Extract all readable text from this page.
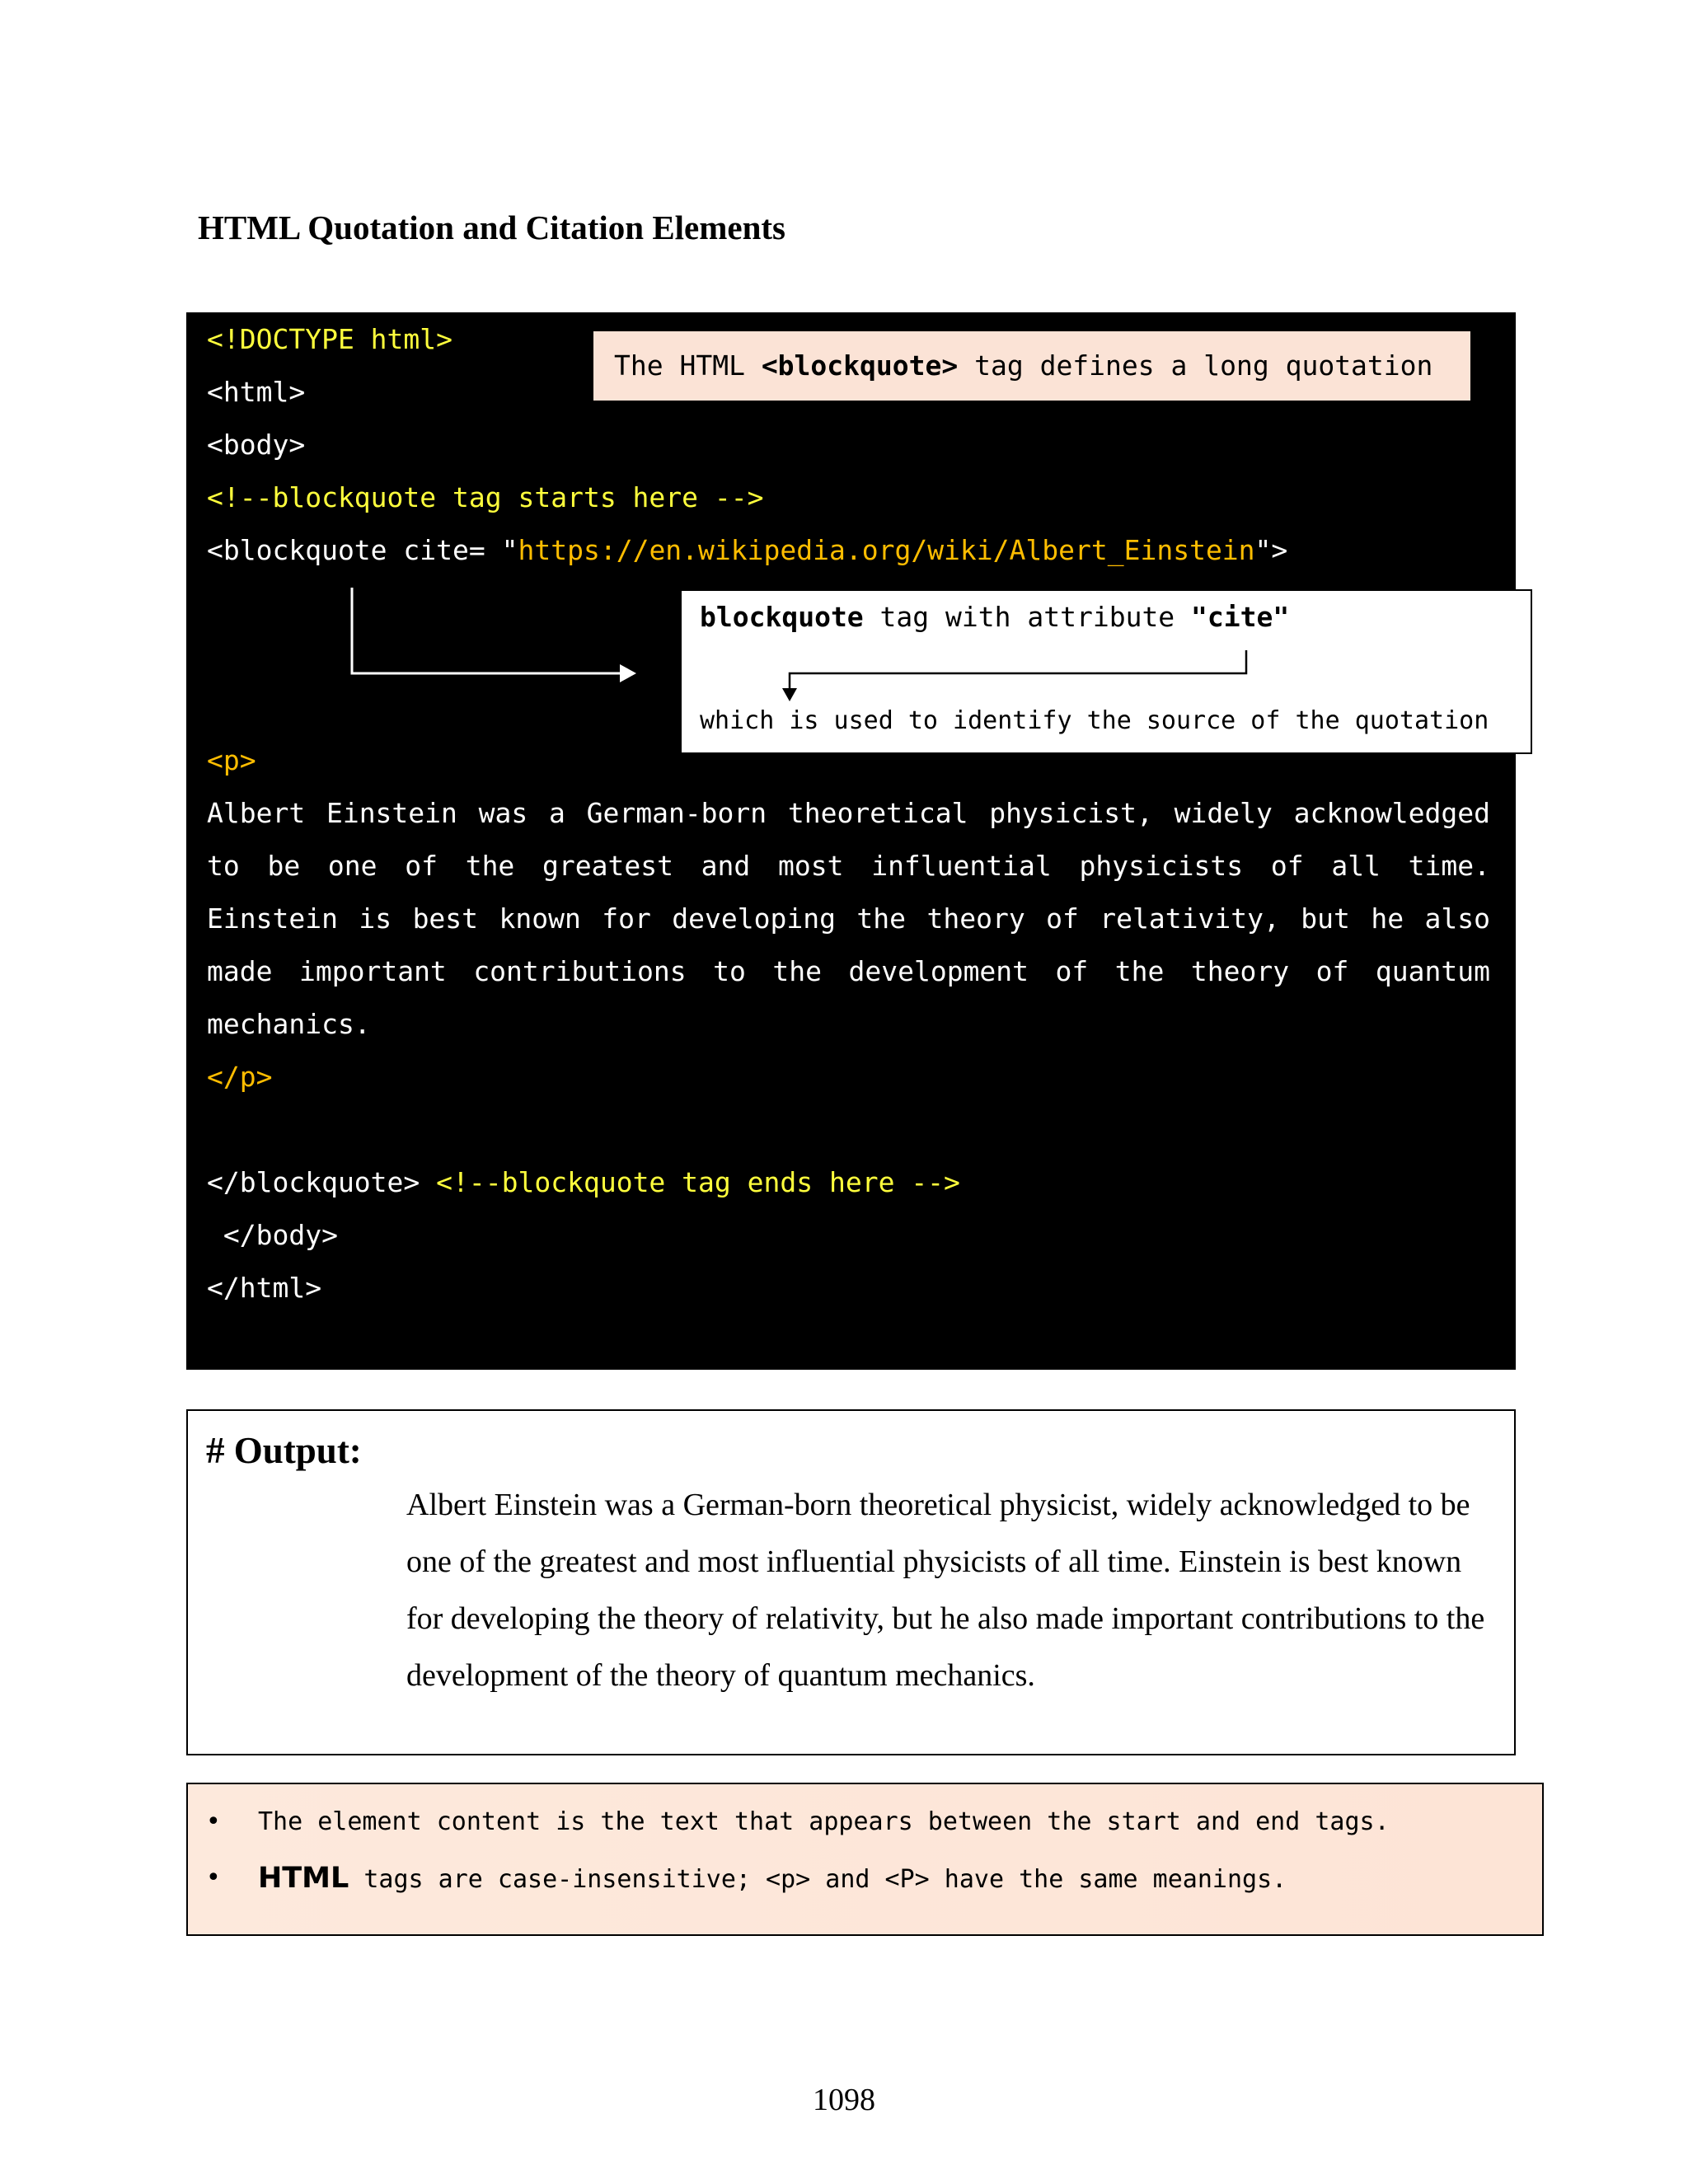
HTML Quotation and Citation Elements
<!DOCTYPE html>
<html>
<body>
<!--blockquote tag starts here -->
<blockquote cite= "https://en.wikipedia.org/wiki/Albert_Einstein">
<p>
Albert Einstein was a German-born theoretical physicist, widely acknowledged
to be one of the greatest and most influential physicists of all time.
Einstein is best known for developing the theory of relativity, but he also
made important contributions to the development of the theory of quantum
mechanics.
</p>
</blockquote> <!--blockquote tag ends here -->
</body>
</html>
The HTML <blockquote> tag defines a long quotation
blockquote tag with attribute "cite"
which is used to identify the source of the quotation
# Output:
Albert Einstein was a German-born theoretical physicist, widely acknowledged to be one of the greatest and most influential physicists of all time. Einstein is best known for developing the theory of relativity, but he also made important contributions to the development of the theory of quantum mechanics.
• The element content is the text that appears between the start and end tags.
• HTML tags are case-insensitive; <p> and <P> have the same meanings.
1098
